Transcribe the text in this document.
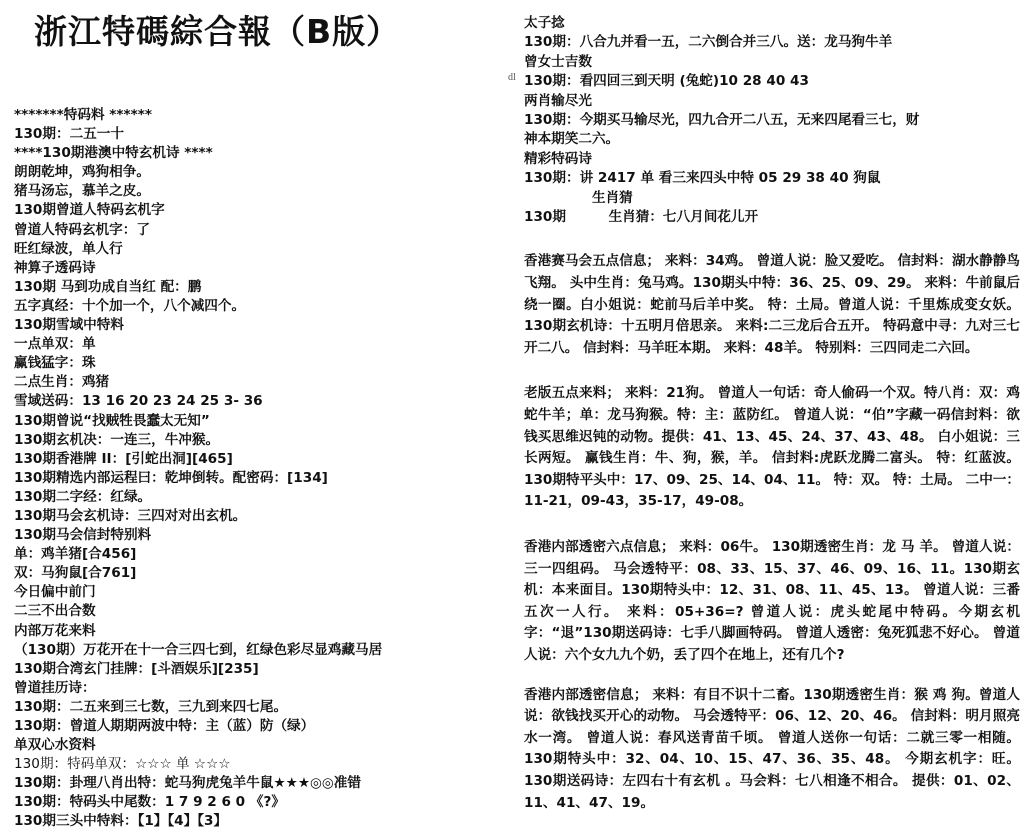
浙江特碼綜合報（B版）
dl
*******特码料 ******
130期：二五一十
****130期港澳中特玄机诗 ****
朗朗乾坤，鸡狗相争。
猪马汤忘，慕羊之皮。
130期曾道人特码玄机字
曾道人特码玄机字：了
旺红绿波，单人行
神算子透码诗
130期 马到功成自当红 配：鹏
五字真经：十个加一个，八个减四个。
130期雪域中特料
一点单双：单
赢钱猛字：珠
二点生肖：鸡猪
雪域送码：13 16 20 23 24 25 3- 36
130期曾说“找贼牲畏蠢太无知”
130期玄机决：一连三，牛冲猴。
130期香港牌 II：[引蛇出洞][465]
130期精选内部运程曰：乾坤倒转。配密码：[134]
130期二字经：红绿。
130期马会玄机诗：三四对对出玄机。
130期马会信封特别料
单：鸡羊猪[合456]
双：马狗鼠[合761]
今日偏中前门
二三不出合数
内部万花来料
（130期）万花开在十一合三四七到，红绿色彩尽显鸡藏马居
130期合湾玄门挂牌：[斗酒娱乐][235]
曾道挂历诗：
130期：二五来到三七数，三九到来四七尾。
130期：曾道人期期两波中特：主（蓝）防（绿）
单双心水资料
130期：特码单双：☆☆☆ 单 ☆☆☆
130期：卦理八肖出特：蛇马狗虎兔羊牛鼠★★★◎◎准错
130期：特码头中尾数：1 7 9 2 6 0 《?》
130期三头中特料：【1】【4】【3】
太子捻
130期：八合九并看一五，二六倒合并三八。送：龙马狗牛羊
曾女士吉数
130期：看四回三到天明 (兔蛇)10 28 40 43
两肖输尽光
130期：今期买马输尽光，四九合开二八五，无来四尾看三七，财
神本期笑二六。
精彩特码诗
130期：讲 2417 单 看三来四头中特 05 29 38 40 狗鼠
生肖猜
130期         生肖猜：七八月间花儿开

香港赛马会五点信息； 来料：34鸡。 曾道人说：脸又爱吃。 信封料：湖水静静鸟飞翔。 头中生肖：兔马鸡。130期头中特：36、25、09、29。 来料：牛前鼠后绕一圈。白小姐说：蛇前马后羊中奖。 特：土局。曾道人说：千里炼成变女妖。 130期玄机诗：十五明月倍思亲。 来料:二三龙后合五开。 特码意中寻：九对三七开二八。 信封料：马羊旺本期。 来料：48羊。 特别料：三四同走二六回。

老版五点来料； 来料：21狗。 曾道人一句话：奇人偷码一个双。特八肖：双：鸡蛇牛羊；单：龙马狗猴。特：主：蓝防红。 曾道人说：“伯”字藏一码信封料：欲钱买思维迟钝的动物。提供：41、13、45、24、37、43、48。 白小姐说：三长两短。 赢钱生肖：牛、狗，猴，羊。 信封料:虎跃龙腾二富头。 特：红蓝波。 130期特平头中：17、09、25、14、04、11。 特：双。 特：土局。 二中一：11-21，09-43，35-17，49-08。

香港内部透密六点信息； 来料：06牛。 130期透密生肖：龙 马 羊。 曾道人说：三一四组码。 马会透特平：08、33、15、37、46、09、16、11。130期玄机：本来面目。130期特头中：12、31、08、11、45、13。 曾道人说：三番五次一人行。 来料：05+36=? 曾道人说：虎头蛇尾中特码。今期玄机字：“退”130期送码诗：七手八脚画特码。 曾道人透密：兔死狐悲不好心。 曾道人说：六个女九九个奶，丢了四个在地上，还有几个?

香港内部透密信息； 来料：有目不识十二畜。130期透密生肖：猴 鸡 狗。曾道人说：欲钱找买开心的动物。 马会透特平：06、12、20、46。 信封料：明月照亮水一湾。 曾道人说：春风送青苗千顷。 曾道人送你一句话：二就三零一相随。130期特头中：32、04、10、15、47、36、35、48。 今期玄机字：旺。130期送码诗：左四右十有玄机 。马会料：七八相逢不相合。 提供：01、02、11、41、47、19。
